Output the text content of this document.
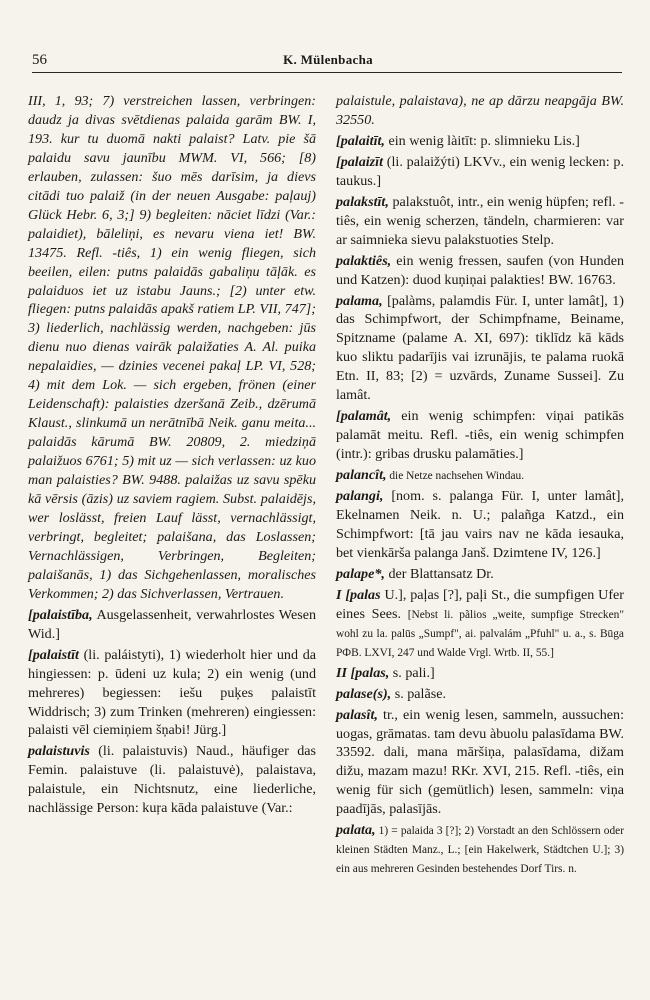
56	K. Mülenbacha

III, 1, 93; 7) verstreichen lassen, verbringen: daudz ja divas svētdienas palaida garām BW. I, 193. kur tu duomā nakti palaist? Latv. pie šā palaidu savu jaunību MWM. VI, 566; [8) erlauben, zulassen: šuo mēs darīsim, ja dievs citādi tuo palaiž (in der neuen Ausgabe: paļauj) Glück Hebr. 6, 3;] 9) begleiten: nāciet līdzi (Var.: palaidiet), bāleliņi, es nevaru viena iet! BW. 13475. Refl. -tiês, 1) ein wenig fliegen, sich beeilen, eilen: putns palaidās gabaliņu tāļāk. es palaiduos iet uz istabu Jauns.; [2) unter etw. fliegen: putns palaidās apakš ratiem LP. VII, 747]; 3) liederlich, nachlässig werden, nachgeben: jūs dienu nuo dienas vairāk palaižaties A. Al. puika nepalaidies, — dzinies vecenei pakaļ LP. VI, 528; 4) mit dem Lok. — sich ergeben, frönen (einer Leidenschaft): palaisties dzeršanā Zeib., dzērumā Klaust., slinkumā un nerātnībā Neik. ganu meita... palaidās kārumā BW. 20809, 2. miedziņā palaižuos 6761; 5) mit uz — sich verlassen: uz kuo man palaisties? BW. 9488. palaižas uz savu spēku kā vērsis (āzis) uz saviem ragiem. Subst. palaidējs, wer loslässt, freien Lauf lässt, vernachlässigt, verbringt, begleitet; palaišana, das Loslassen; Vernachlässigen, Verbringen, Begleiten; palaišanās, 1) das Sichgehenlassen, moralisches Verkommen; 2) das Sichverlassen, Vertrauen.

[palaistība, Ausgelassenheit, verwahrlostes Wesen Wid.]

[palaistīt (li. paláistyti), 1) wiederholt hier und da hingiessen: p. ūdeni uz kula; 2) ein wenig (und mehreres) begiessen: iešu puķes palaistīt Widdrisch; 3) zum Trinken (mehreren) eingiessen: palaisti vēl ciemiņiem šņabi! Jürg.]

palaistuvis (li. palaistuvis) Naud., häufiger das Femin. palaistuve (li. palaistuvė), palaistava, palaistule, ein Nichtsnutz, eine liederliche, nachlässige Person: kuŗa kāda palaistuve (Var.:

palaistule, palaistava), ne ap dārzu neapgāja BW. 32550.

[palaitīt, ein wenig làitīt: p. slimnieku Lis.]

[palaizīt (li. palaižýti) LKVv., ein wenig lecken: p. taukus.]

palakstīt, palakstuôt, intr., ein wenig hüpfen; refl. -tiês, ein wenig scherzen, tändeln, charmieren: var ar saimnieka sievu palakstuoties Stelp.

palaktiês, ein wenig fressen, saufen (von Hunden und Katzen): duod kuņiņai palakties! BW. 16763.

palama, [palàms, palamdis Für. I, unter lamât], 1) das Schimpfwort, der Schimpfname, Beiname, Spitzname (palame A. XI, 697): tiklīdz kā kāds kuo sliktu padarījis vai izrunājis, te palama ruokā Etn. II, 83; [2) = uzvārds, Zuname Sussei]. Zu lamât.

[palamât, ein wenig schimpfen: viņai patikās palamāt meitu. Refl. -tiês, ein wenig schimpfen (intr.): gribas drusku palamāties.]

palancît, die Netze nachsehen Windau.

palangi, [nom. s. palanga Für. I, unter lamât], Ekelnamen Neik. n. U.; palañga Katzd., ein Schimpfwort: [tā jau vairs nav ne kāda iesauka, bet vienkārša palanga Janš. Dzimtene IV, 126.]

palape*, der Blattansatz Dr.

I [palas U.], paļas [?], paļi St., die sumpfigen Ufer eines Sees. [Nebst li. pãlios „weite, sumpfige Strecken" wohl zu la. palūs „Sumpf", ai. palvalám „Pfuhl" u. a., s. Būga РФВ. LXVI, 247 und Walde Vrgl. Wrtb. II, 55.]

II [palas, s. pali.]

palase(s), s. palãse.

palasît, tr., ein wenig lesen, sammeln, aussuchen: uogas, grāmatas. tam devu àbuolu palasīdama BW. 33592. dali, mana māršiņa, palasīdama, dižam dižu, mazam mazu! RKr. XVI, 215. Refl. -tiês, ein wenig für sich (gemütlich) lesen, sammeln: viņa paadījās, palasījās.

palata, 1) = palaida 3 [?]; 2) Vorstadt an den Schlössern oder kleinen Städten Manz., L.; [ein Hakelwerk, Städtchen U.]; 3) ein aus mehreren Gesinden bestehendes Dorf Tirs. n.
